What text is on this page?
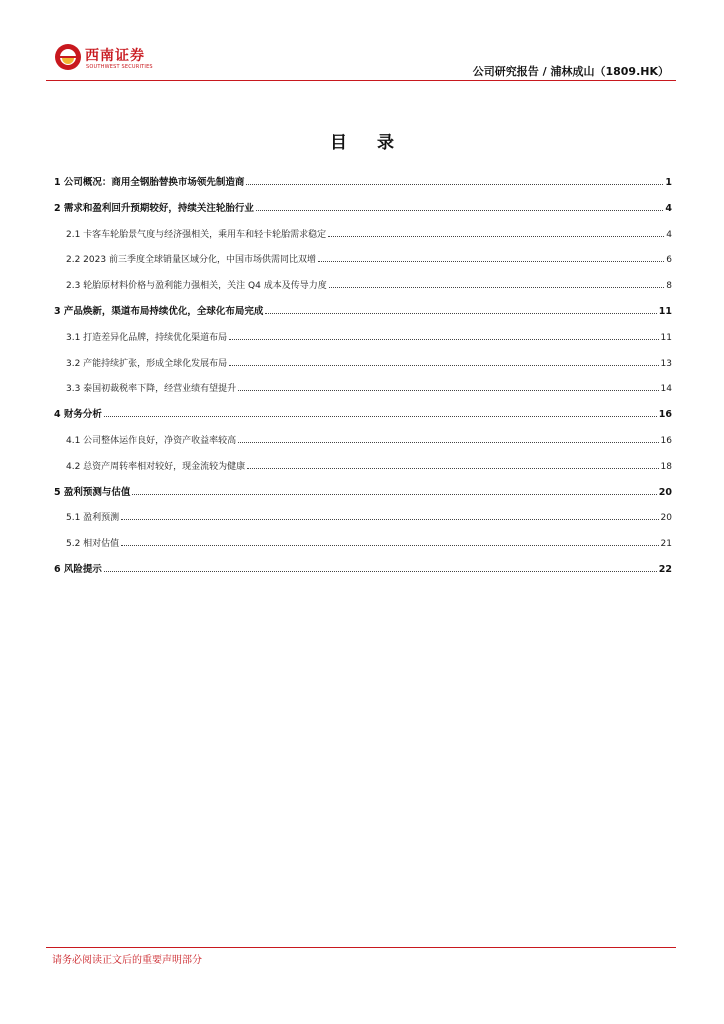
西南证券
SOUTHWEST SECURITIES	公司研究报告 / 浦林成山（1809.HK）
目 录
1 公司概况：商用全钢胎替换市场领先制造商	1
2 需求和盈利回升预期较好，持续关注轮胎行业	4
2.1 卡客车轮胎景气度与经济强相关，乘用车和轻卡轮胎需求稳定	4
2.2 2023 前三季度全球销量区域分化，中国市场供需同比双增	6
2.3 轮胎原材料价格与盈利能力强相关，关注 Q4 成本及传导力度	8
3 产品焕新，渠道布局持续优化，全球化布局完成	11
3.1 打造差异化品牌，持续优化渠道布局	11
3.2 产能持续扩张，形成全球化发展布局	13
3.3 泰国初裁税率下降，经营业绩有望提升	14
4 财务分析	16
4.1 公司整体运作良好，净资产收益率较高	16
4.2 总资产周转率相对较好，现金流较为健康	18
5 盈利预测与估值	20
5.1 盈利预测	20
5.2 相对估值	21
6 风险提示	22
请务必阅读正文后的重要声明部分
